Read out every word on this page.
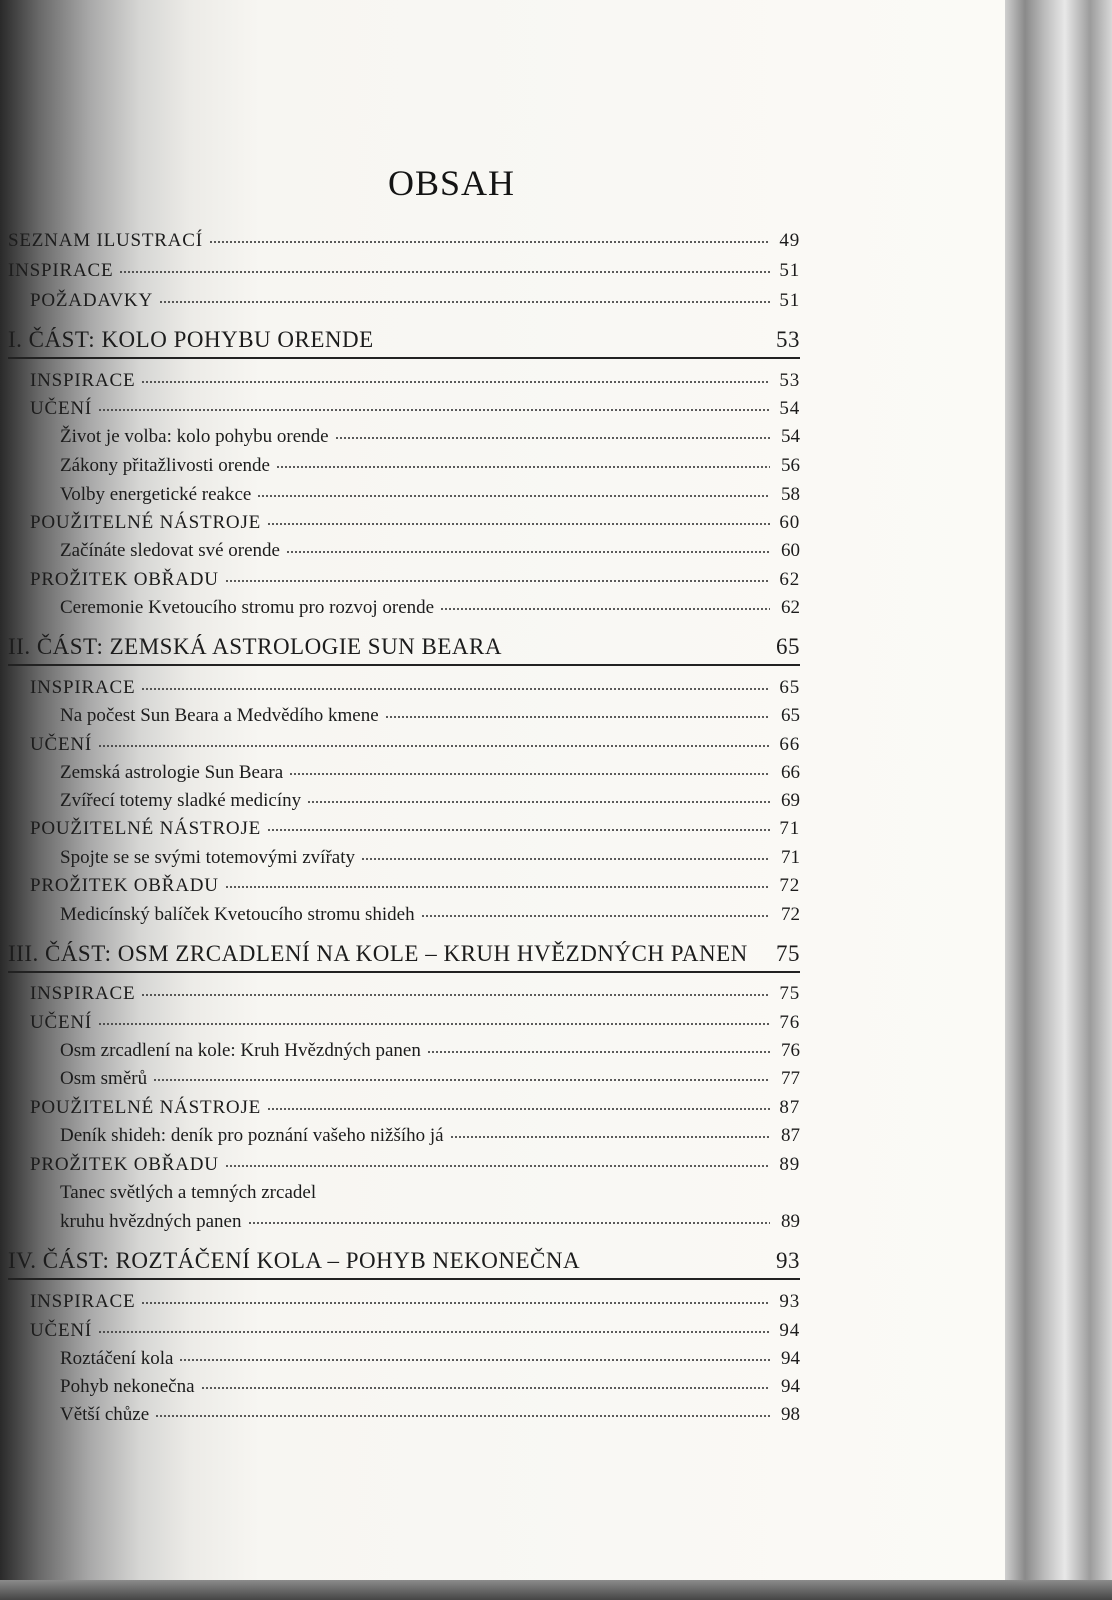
OBSAH
SEZNAM ILUSTRACÍ	49
INSPIRACE	51
POŽADAVKY	51
I. ČÁST: KOLO POHYBU ORENDE	53
INSPIRACE	53
UČENÍ	54
Život je volba: kolo pohybu orende	54
Zákony přitažlivosti orende	56
Volby energetické reakce	58
POUŽITELNÉ NÁSTROJE	60
Začínáte sledovat své orende	60
PROŽITEK OBŘADU	62
Ceremonie Kvetoucího stromu pro rozvoj orende	62
II. ČÁST: ZEMSKÁ ASTROLOGIE SUN BEARA	65
INSPIRACE	65
Na počest Sun Beara a Medvědího kmene	65
UČENÍ	66
Zemská astrologie Sun Beara	66
Zvířecí totemy sladké medicíny	69
POUŽITELNÉ NÁSTROJE	71
Spojte se se svými totemovými zvířaty	71
PROŽITEK OBŘADU	72
Medicínský balíček Kvetoucího stromu shideh	72
III. ČÁST: OSM ZRCADLENÍ NA KOLE – KRUH HVĚZDNÝCH PANEN 75
INSPIRACE	75
UČENÍ	76
Osm zrcadlení na kole: Kruh Hvězdných panen	76
Osm směrů	77
POUŽITELNÉ NÁSTROJE	87
Deník shideh: deník pro poznání vašeho nižšího já	87
PROŽITEK OBŘADU	89
Tanec světlých a temných zrcadel
kruhu hvězdných panen	89
IV. ČÁST: ROZTÁČENÍ KOLA – POHYB NEKONEČNA	93
INSPIRACE	93
UČENÍ	94
Roztáčení kola	94
Pohyb nekonečna	94
Větší chůze	98
